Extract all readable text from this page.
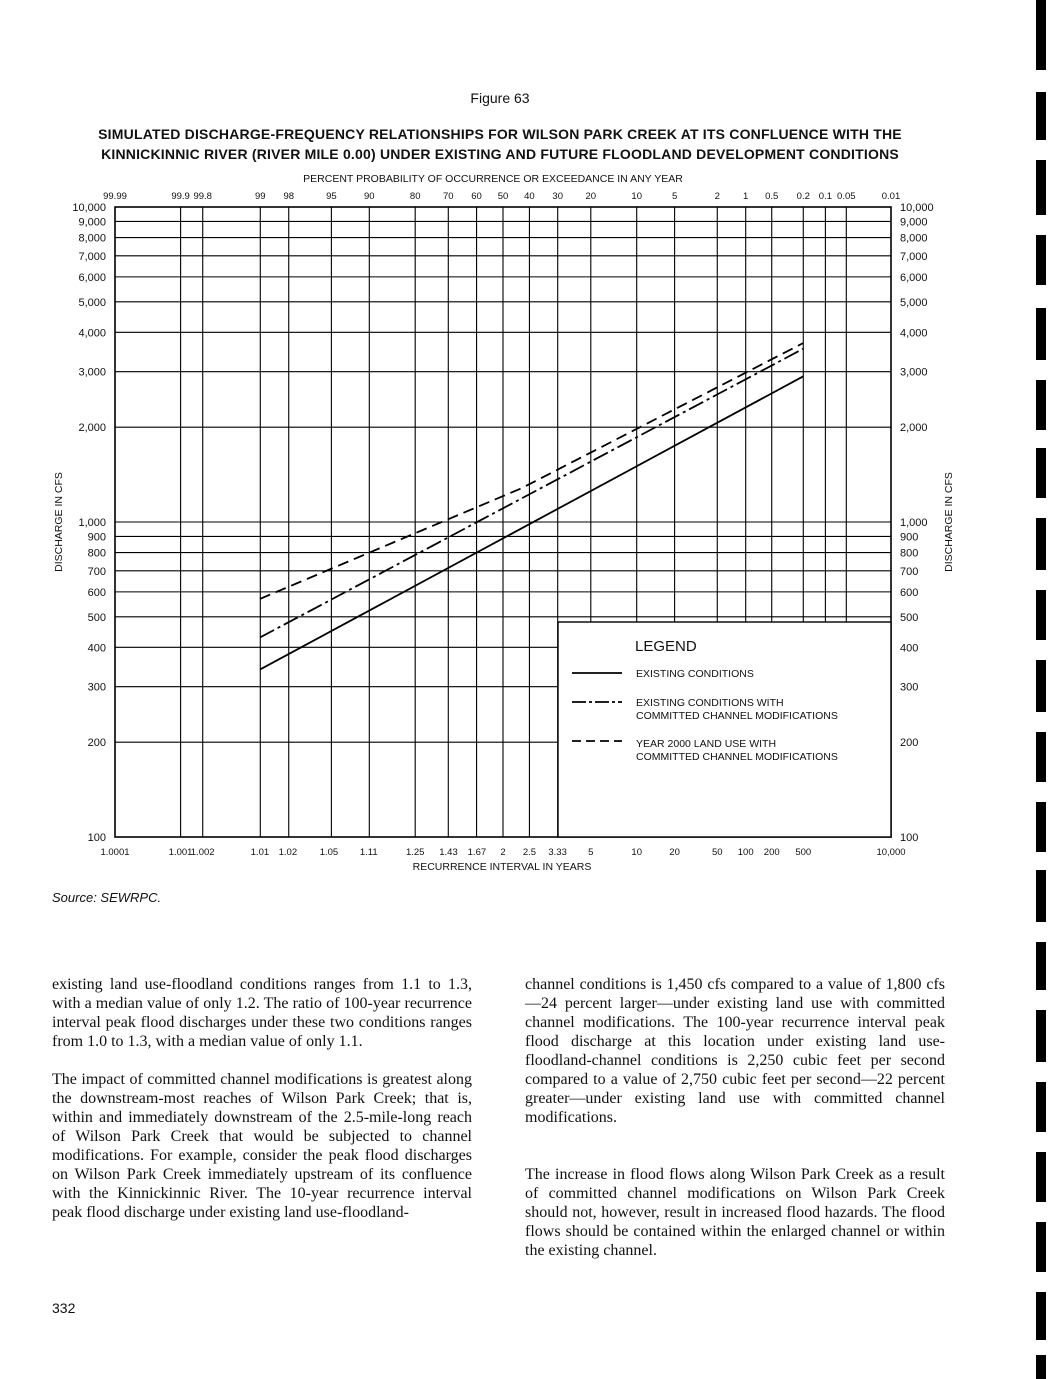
Figure 63
SIMULATED DISCHARGE-FREQUENCY RELATIONSHIPS FOR WILSON PARK CREEK AT ITS CONFLUENCE WITH THE
KINNICKINNIC RIVER (RIVER MILE 0.00) UNDER EXISTING AND FUTURE FLOODLAND DEVELOPMENT CONDITIONS
99.99	99.9 99.8	99 98	95	90	80 70 60 50 40 30 20	10	5	2 1 0.5 0.2 0.1 0.05	0.01
1.0001	1.001
1.002	1.01 1.02 1.05 1.11	1.25 1.43 1.67 2 2.5 3.33 5	10	20	50 100 200 500	10,000
10,000	10,000
9,000	9,000
8,000	8,000
7,000	7,000
6,000	6,000
5,000	5,000
4,000	4,000
3,000	3,000
2,000	2,000
1,000	1,000
900	900
800	800
700	700
600	600
500	500
400	400
300	300
200	200
100	100
PERCENT PROBABILITY OF OCCURRENCE OR EXCEEDANCE IN ANY YEAR
RECURRENCE INTERVAL IN YEARS
DISCHARGE IN CFS	DISCHARGE IN CFS
LEGEND
EXISTING CONDITIONS
EXISTING CONDITIONS WITH
COMMITTED CHANNEL MODIFICATIONS
YEAR 2000 LAND USE WITH
COMMITTED CHANNEL MODIFICATIONS
Source: SEWRPC.

existing land use-floodland conditions ranges from 1.1 to 1.3, with a median value of only 1.2. The ratio of 100-year recurrence interval peak flood discharges under these two conditions ranges from 1.0 to 1.3, with a median value of only 1.1.

The impact of committed channel modifications is greatest along the downstream-most reaches of Wilson Park Creek; that is, within and immediately downstream of the 2.5-mile-long reach of Wilson Park Creek that would be subjected to channel modifications. For example, consider the peak flood discharges on Wilson Park Creek immediately upstream of its confluence with the Kinnickinnic River. The 10-year recurrence interval peak flood discharge under existing land use-floodland-

channel conditions is 1,450 cfs compared to a value of 1,800 cfs—24 percent larger—under existing land use with committed channel modifications. The 100-year recurrence interval peak flood discharge at this location under existing land use-floodland-channel conditions is 2,250 cubic feet per second compared to a value of 2,750 cubic feet per second—22 percent greater—under existing land use with committed channel modifications.

The increase in flood flows along Wilson Park Creek as a result of committed channel modifications on Wilson Park Creek should not, however, result in increased flood hazards. The flood flows should be contained within the enlarged channel or within the existing channel.

332
